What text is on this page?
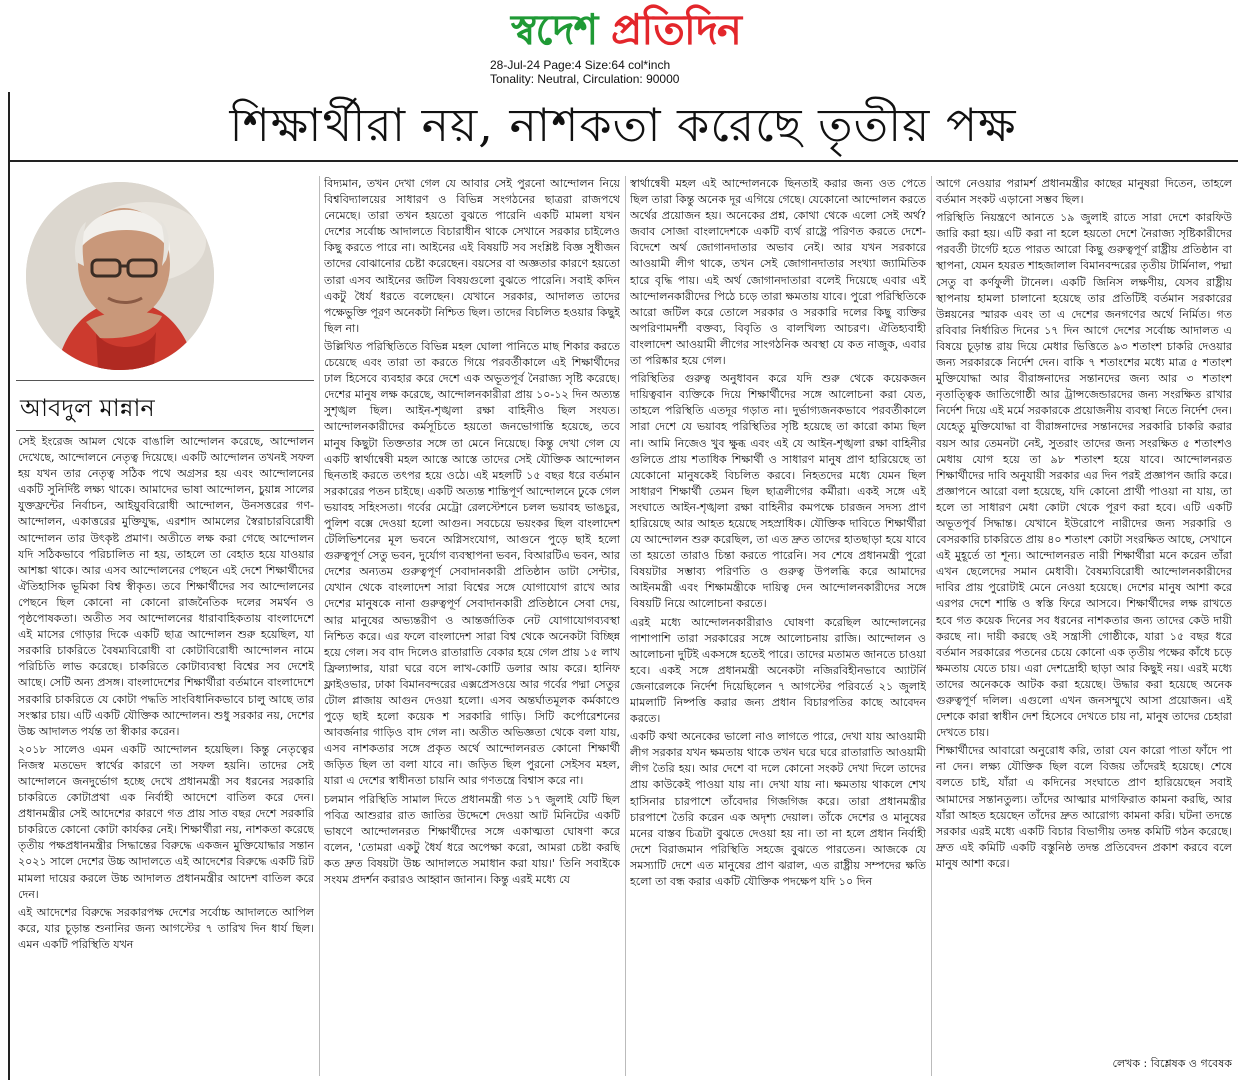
স্বদেশ প্রতিদিন
28-Jul-24 Page:4 Size:64 col*inch
Tonality: Neutral, Circulation: 90000
শিক্ষার্থীরা নয়, নাশকতা করেছে তৃতীয় পক্ষ
আবদুল মান্নান

সেই ইংরেজ আমল থেকে বাঙালি আন্দোলন করেছে, আন্দোলন দেখেছে, আন্দোলনে নেতৃত্ব দিয়েছে। একটি আন্দোলন তখনই সফল হয় যখন তার নেতৃত্ব সঠিক পথে অগ্রসর হয় এবং আন্দোলনের একটি সুনির্দিষ্ট লক্ষ্য থাকে। আমাদের ভাষা আন্দোলন, চুয়ান্ন সালের যুক্তফ্রন্টের নির্বাচন, আইয়ুববিরোধী আন্দোলন, উনসত্তরের গণ-আন্দোলন, একাত্তরের মুক্তিযুদ্ধ, এরশাদ আমলের স্বৈরাচারবিরোধী আন্দোলন তার উৎকৃষ্ট প্রমাণ। অতীতে লক্ষ করা গেছে আন্দোলন যদি সঠিকভাবে পরিচালিত না হয়, তাহলে তা বেহাত হয়ে যাওয়ার আশঙ্কা থাকে। আর এসব আন্দোলনের পেছনে এই দেশে শিক্ষার্থীদের ঐতিহাসিক ভূমিকা বিশ্ব স্বীকৃত। তবে শিক্ষার্থীদের সব আন্দোলনের পেছনে ছিল কোনো না কোনো রাজনৈতিক দলের সমর্থন ও পৃষ্ঠপোষকতা। অতীত সব আন্দোলনের ধারাবাহিকতায় বাংলাদেশে এই মাসের গোড়ার দিকে একটি ছাত্র আন্দোলন শুরু হয়েছিল, যা সরকারি চাকরিতে বৈষম্যবিরোধী বা কোটাবিরোধী আন্দোলন নামে পরিচিতি লাভ করেছে। চাকরিতে কোটাব্যবস্থা বিশ্বের সব দেশেই আছে। সেটি অন্য প্রসঙ্গ। বাংলাদেশের শিক্ষার্থীরা বর্তমানে বাংলাদেশে সরকারি চাকরিতে যে কোটা পদ্ধতি সাংবিধানিকভাবে চালু আছে তার সংস্কার চায়। এটি একটি যৌক্তিক আন্দোলন। শুধু সরকার নয়, দেশের উচ্চ আদালত পর্যন্ত তা স্বীকার করেন।

২০১৮ সালেও এমন একটি আন্দোলন হয়েছিল। কিন্তু নেতৃত্বের নিজস্ব মতভেদ স্বার্থের কারণে তা সফল হয়নি। তাদের সেই আন্দোলনে জনদুর্ভোগ হচ্ছে দেখে প্রধানমন্ত্রী সব ধরনের সরকারি চাকরিতে কোটাপ্রথা এক নির্বাহী আদেশে বাতিল করে দেন। প্রধানমন্ত্রীর সেই আদেশের কারণে গত প্রায় সাত বছর দেশে সরকারি চাকরিতে কোনো কোটা কার্যকর নেই। শিক্ষার্থীরা নয়, নাশকতা করেছে তৃতীয় পক্ষপ্রধানমন্ত্রীর সিদ্ধান্তের বিরুদ্ধে একজন মুক্তিযোদ্ধার সন্তান ২০২১ সালে দেশের উচ্চ আদালতে এই আদেশের বিরুদ্ধে একটি রিট মামলা দায়ের করলে উচ্চ আদালত প্রধানমন্ত্রীর আদেশ বাতিল করে দেন।

এই আদেশের বিরুদ্ধে সরকারপক্ষ দেশের সর্বোচ্চ আদালতে আপিল করে, যার চূড়ান্ত শুনানির জন্য আগস্টের ৭ তারিখ দিন ধার্য ছিল। এমন একটি পরিস্থিতি যখন

বিদ্যমান, তখন দেখা গেল যে আবার সেই পুরনো আন্দোলন নিয়ে বিশ্ববিদ্যালয়ের সাধারণ ও বিভিন্ন সংগঠনের ছাত্ররা রাজপথে নেমেছে। তারা তখন হয়তো বুঝতে পারেনি একটি মামলা যখন দেশের সর্বোচ্চ আদালতে বিচারাধীন থাকে সেখানে সরকার চাইলেও কিছু করতে পারে না। আইনের এই বিষয়টি সব সংশ্লিষ্ট বিজ্ঞ সুধীজন তাদের বোঝানোর চেষ্টা করেছেন। বয়সের বা অজ্ঞতার কারণে হয়তো তারা এসব আইনের জটিল বিষয়গুলো বুঝতে পারেনি। সবাই কদিন একটু ধৈর্য ধরতে বলেছেন। যেখানে সরকার, আদালত তাদের পক্ষেভুক্তি পূরণ অনেকটা নিশ্চিত ছিল। তাদের বিচলিত হওয়ার কিছুই ছিল না।

উল্লিখিত পরিস্থিতিতে বিভিন্ন মহল ঘোলা পানিতে মাছ শিকার করতে চেয়েছে এবং তারা তা করতে গিয়ে পরবর্তীকালে এই শিক্ষার্থীদের ঢাল হিসেবে ব্যবহার করে দেশে এক অভূতপূর্ব নৈরাজ্য সৃষ্টি করেছে। দেশের মানুষ লক্ষ করেছে, আন্দোলনকারীরা প্রায় ১০-১২ দিন অত্যন্ত সুশৃঙ্খল ছিল। আইন-শৃঙ্খলা রক্ষা বাহিনীও ছিল সংযত। আন্দোলনকারীদের কর্মসূচিতে হয়তো জনভোগান্তি হয়েছে, তবে মানুষ কিছুটা তিক্ততার সঙ্গে তা মেনে নিয়েছে। কিন্তু দেখা গেল যে একটি স্বার্থান্বেষী মহল আস্তে আস্তে তাদের সেই যৌক্তিক আন্দোলন ছিনতাই করতে তৎপর হয়ে ওঠে। এই মহলটি ১৫ বছর ধরে বর্তমান সরকারের পতন চাইছে। একটি অত্যন্ত শান্তিপূর্ণ আন্দোলনে ঢুকে গেল ভয়াবহ সহিংসতা। গর্বের মেট্রো রেলস্টেশনে চলল ভয়াবহ ভাঙচুর, পুলিশ বক্সে দেওয়া হলো আগুন। সবচেয়ে ভয়ংকর ছিল বাংলাদেশ টেলিভিশনের মূল ভবনে অগ্নিসংযোগ, আগুনে পুড়ে ছাই হলো গুরুত্বপূর্ণ সেতু ভবন, দুর্যোগ ব্যবস্থাপনা ভবন, বিআরটিএ ভবন, আর দেশের অন্যতম গুরুত্বপূর্ণ সেবাদানকারী প্রতিষ্ঠান ডাটা সেন্টার, যেখান থেকে বাংলাদেশ সারা বিশ্বের সঙ্গে যোগাযোগ রাখে আর দেশের মানুষকে নানা গুরুত্বপূর্ণ সেবাদানকারী প্রতিষ্ঠানে সেবা দেয়, আর মানুষের অভ্যন্তরীণ ও আন্তর্জাতিক নেট যোগাযোগব্যবস্থা নিশ্চিত করে। এর ফলে বাংলাদেশ সারা বিশ্ব থেকে অনেকটা বিচ্ছিন্ন হয়ে গেল। সব বাদ দিলেও রাতারাতি বেকার হয়ে গেল প্রায় ১৫ লাখ ফ্রিল্যান্সার, যারা ঘরে বসে লাখ-কোটি ডলার আয় করে। হানিফ ফ্লাইওভার, ঢাকা বিমানবন্দরের এক্সপ্রেসওয়ে আর গর্বের পদ্মা সেতুর টোল প্লাজায় আগুন দেওয়া হলো। এসব অন্তর্ঘাতমূলক কর্মকাণ্ডে পুড়ে ছাই হলো কয়েক শ সরকারি গাড়ি। সিটি কর্পোরেশনের আবর্জনার গাড়িও বাদ গেল না। অতীত অভিজ্ঞতা থেকে বলা যায়, এসব নাশকতার সঙ্গে প্রকৃত অর্থে আন্দোলনরত কোনো শিক্ষার্থী জড়িত ছিল তা বলা যাবে না। জড়িত ছিল পুরনো সেইসব মহল, যারা এ দেশের স্বাধীনতা চায়নি আর গণতন্ত্রে বিশ্বাস করে না।

চলমান পরিস্থিতি সামাল দিতে প্রধানমন্ত্রী গত ১৭ জুলাই যেটি ছিল পবিত্র আশুরার রাত জাতির উদ্দেশে দেওয়া আট মিনিটের একটি ভাষণে আন্দোলনরত শিক্ষার্থীদের সঙ্গে একাত্মতা ঘোষণা করে বলেন, 'তোমরা একটু ধৈর্য ধরে অপেক্ষা করো, আমরা চেষ্টা করছি কত দ্রুত বিষয়টা উচ্চ আদালতে সমাধান করা যায়।' তিনি সবাইকে সংযম প্রদর্শন করারও আহ্বান জানান। কিন্তু এরই মধ্যে যে

স্বার্থান্বেষী মহল এই আন্দোলনকে ছিনতাই করার জন্য ওত পেতে ছিল তারা কিন্তু অনেক দূর এগিয়ে গেছে। যেকোনো আন্দোলন করতে অর্থের প্রয়োজন হয়। অনেকের প্রশ্ন, কোথা থেকে এলো সেই অর্থ? জবাব সোজা বাংলাদেশকে একটি ব্যর্থ রাষ্ট্রে পরিণত করতে দেশে-বিদেশে অর্থ জোগানদাতার অভাব নেই। আর যখন সরকারে আওয়ামী লীগ থাকে, তখন সেই জোগানদাতার সংখ্যা জ্যামিতিক হারে বৃদ্ধি পায়। এই অর্থ জোগানদাতারা বলেই দিয়েছে এবার এই আন্দোলনকারীদের পিঠে চড়ে তারা ক্ষমতায় যাবে। পুরো পরিস্থিতিকে আরো জটিল করে তোলে সরকার ও সরকারি দলের কিছু ব্যক্তির অপরিণামদর্শী বক্তব্য, বিবৃতি ও বালখিল্য আচরণ। ঐতিহ্যবাহী বাংলাদেশ আওয়ামী লীগের সাংগঠনিক অবস্থা যে কত নাজুক, এবার তা পরিষ্কার হয়ে গেল।

পরিস্থিতির গুরুত্ব অনুধাবন করে যদি শুরু থেকে কয়েকজন দায়িত্ববান ব্যক্তিকে দিয়ে শিক্ষার্থীদের সঙ্গে আলোচনা করা যেত, তাহলে পরিস্থিতি এতদূর গড়াত না। দুর্ভাগ্যজনকভাবে পরবর্তীকালে সারা দেশে যে ভয়াবহ পরিস্থিতির সৃষ্টি হয়েছে তা কারো কাম্য ছিল না। আমি নিজেও খুব ক্ষুব্ধ এবং এই যে আইন-শৃঙ্খলা রক্ষা বাহিনীর গুলিতে প্রায় শতাধিক শিক্ষার্থী ও সাধারণ মানুষ প্রাণ হারিয়েছে তা যেকোনো মানুষকেই বিচলিত করবে। নিহতদের মধ্যে যেমন ছিল সাধারণ শিক্ষার্থী তেমন ছিল ছাত্রলীগের কর্মীরা। একই সঙ্গে এই সংঘাতে আইন-শৃঙ্খলা রক্ষা বাহিনীর কমপক্ষে চারজন সদস্য প্রাণ হারিয়েছে আর আহত হয়েছে সহস্রাধিক। যৌক্তিক দাবিতে শিক্ষার্থীরা যে আন্দোলন শুরু করেছিল, তা এত দ্রুত তাদের হাতছাড়া হয়ে যাবে তা হয়তো তারাও চিন্তা করতে পারেনি। সব শেষে প্রধানমন্ত্রী পুরো বিষয়টার সম্ভাব্য পরিণতি ও গুরুত্ব উপলব্ধি করে আমাদের আইনমন্ত্রী এবং শিক্ষামন্ত্রীকে দায়িত্ব দেন আন্দোলনকারীদের সঙ্গে বিষয়টি নিয়ে আলোচনা করতে।

এরই মধ্যে আন্দোলনকারীরাও ঘোষণা করেছিল আন্দোলনের পাশাপাশি তারা সরকারের সঙ্গে আলোচনায় রাজি। আন্দোলন ও আলোচনা দুটিই একসঙ্গে হতেই পারে। তাদের মতামত জানতে চাওয়া হবে। একই সঙ্গে প্রধানমন্ত্রী অনেকটা নজিরবিহীনভাবে অ্যাটর্নি জেনারেলকে নির্দেশ দিয়েছিলেন ৭ আগস্টের পরিবর্তে ২১ জুলাই মামলাটি নিষ্পত্তি করার জন্য প্রধান বিচারপতির কাছে আবেদন করতে।

একটি কথা অনেকের ভালো নাও লাগতে পারে, দেখা যায় আওয়ামী লীগ সরকার যখন ক্ষমতায় থাকে তখন ঘরে ঘরে রাতারাতি আওয়ামী লীগ তৈরি হয়। আর দেশে বা দলে কোনো সংকট দেখা দিলে তাদের প্রায় কাউকেই পাওয়া যায় না। দেখা যায় না। ক্ষমতায় থাকলে শেখ হাসিনার চারপাশে তাঁবেদার গিজগিজ করে। তারা প্রধানমন্ত্রীর চারপাশে তৈরি করেন এক অদৃশ্য দেয়াল। তাঁকে দেশের ও মানুষের মনের বাস্তব চিত্রটা বুঝতে দেওয়া হয় না। তা না হলে প্রধান নির্বাহী দেশে বিরাজমান পরিস্থিতি সহজে বুঝতে পারতেন। আজকে যে সমস্যাটি দেশে এত মানুষের প্রাণ ঝরাল, এত রাষ্ট্রীয় সম্পদের ক্ষতি হলো তা বন্ধ করার একটি যৌক্তিক পদক্ষেপ যদি ১০ দিন

আগে নেওয়ার পরামর্শ প্রধানমন্ত্রীর কাছের মানুষরা দিতেন, তাহলে বর্তমান সংকট এড়ানো সম্ভব ছিল।

পরিস্থিতি নিয়ন্ত্রণে আনতে ১৯ জুলাই রাতে সারা দেশে কারফিউ জারি করা হয়। এটি করা না হলে হয়তো দেশে নৈরাজ্য সৃষ্টিকারীদের পরবর্তী টার্গেট হতে পারত আরো কিছু গুরুত্বপূর্ণ রাষ্ট্রীয় প্রতিষ্ঠান বা স্থাপনা, যেমন হযরত শাহজালাল বিমানবন্দরের তৃতীয় টার্মিনাল, পদ্মা সেতু বা কর্ণফুলী টানেল। একটি জিনিস লক্ষণীয়, যেসব রাষ্ট্রীয় স্থাপনায় হামলা চালানো হয়েছে তার প্রতিটিই বর্তমান সরকারের উন্নয়নের স্মারক এবং তা এ দেশের জনগণের অর্থে নির্মিত। গত রবিবার নির্ধারিত দিনের ১৭ দিন আগে দেশের সর্বোচ্চ আদালত এ বিষয়ে চূড়ান্ত রায় দিয়ে মেধার ভিত্তিতে ৯৩ শতাংশ চাকরি দেওয়ার জন্য সরকারকে নির্দেশ দেন। বাকি ৭ শতাংশের মধ্যে মাত্র ৫ শতাংশ মুক্তিযোদ্ধা আর বীরাঙ্গনাদের সন্তানদের জন্য আর ৩ শতাংশ নৃতাত্ত্বিক জাতিগোষ্ঠী আর ট্রান্সজেন্ডারদের জন্য সংরক্ষিত রাখার নির্দেশ দিয়ে এই মর্মে সরকারকে প্রয়োজনীয় ব্যবস্থা নিতে নির্দেশ দেন। যেহেতু মুক্তিযোদ্ধা বা বীরাঙ্গনাদের সন্তানদের সরকারি চাকরি করার বয়স আর তেমনটা নেই, সুতরাং তাদের জন্য সংরক্ষিত ৫ শতাংশও মেধায় যোগ হয়ে তা ৯৮ শতাংশ হয়ে যাবে। আন্দোলনরত শিক্ষার্থীদের দাবি অনুযায়ী সরকার এর দিন পরই প্রজ্ঞাপন জারি করে। প্রজ্ঞাপনে আরো বলা হয়েছে, যদি কোনো প্রার্থী পাওয়া না যায়, তা হলে তা সাধারণ মেধা কোটা থেকে পূরণ করা হবে। এটি একটি অভূতপূর্ব সিদ্ধান্ত। যেখানে ইউরোপে নারীদের জন্য সরকারি ও বেসরকারি চাকরিতে প্রায় ৪০ শতাংশ কোটা সংরক্ষিত আছে, সেখানে এই মুহূর্তে তা শূন্য। আন্দোলনরত নারী শিক্ষার্থীরা মনে করেন তাঁরা এখন ছেলেদের সমান মেধাবী। বৈষম্যবিরোধী আন্দোলনকারীদের দাবির প্রায় পুরোটাই মেনে নেওয়া হয়েছে। দেশের মানুষ আশা করে এরপর দেশে শান্তি ও স্বস্তি ফিরে আসবে। শিক্ষার্থীদের লক্ষ রাখতে হবে গত কয়েক দিনের সব ধরনের নাশকতার জন্য তাদের কেউ দায়ী করছে না। দায়ী করছে ওই সন্ত্রাসী গোষ্ঠীকে, যারা ১৫ বছর ধরে বর্তমান সরকারের পতনের চেয়ে কোনো এক তৃতীয় পক্ষের কাঁধে চড়ে ক্ষমতায় যেতে চায়। এরা দেশদ্রোহী ছাড়া আর কিছুই নয়। এরই মধ্যে তাদের অনেককে আটক করা হয়েছে। উদ্ধার করা হয়েছে অনেক গুরুত্বপূর্ণ দলিল। এগুলো এখন জনসম্মুখে আসা প্রয়োজন। এই দেশকে কারা স্বাধীন দেশ হিসেবে দেখতে চায় না, মানুষ তাদের চেহারা দেখতে চায়।

শিক্ষার্থীদের আবারো অনুরোধ করি, তারা যেন কারো পাতা ফাঁদে পা না দেন। লক্ষ্য যৌক্তিক ছিল বলে বিজয় তাঁদেরই হয়েছে। শেষে বলতে চাই, যাঁরা এ কদিনের সংঘাতে প্রাণ হারিয়েছেন সবাই আমাদের সন্তানতুল্য। তাঁদের আত্মার মাগফিরাত কামনা করছি, আর যাঁরা আহত হয়েছেন তাঁদের দ্রুত আরোগ্য কামনা করি। ঘটনা তদন্তে সরকার এরই মধ্যে একটি বিচার বিভাগীয় তদন্ত কমিটি গঠন করেছে। দ্রুত এই কমিটি একটি বস্তুনিষ্ঠ তদন্ত প্রতিবেদন প্রকাশ করবে বলে মানুষ আশা করে।

লেখক : বিশ্লেষক ও গবেষক
